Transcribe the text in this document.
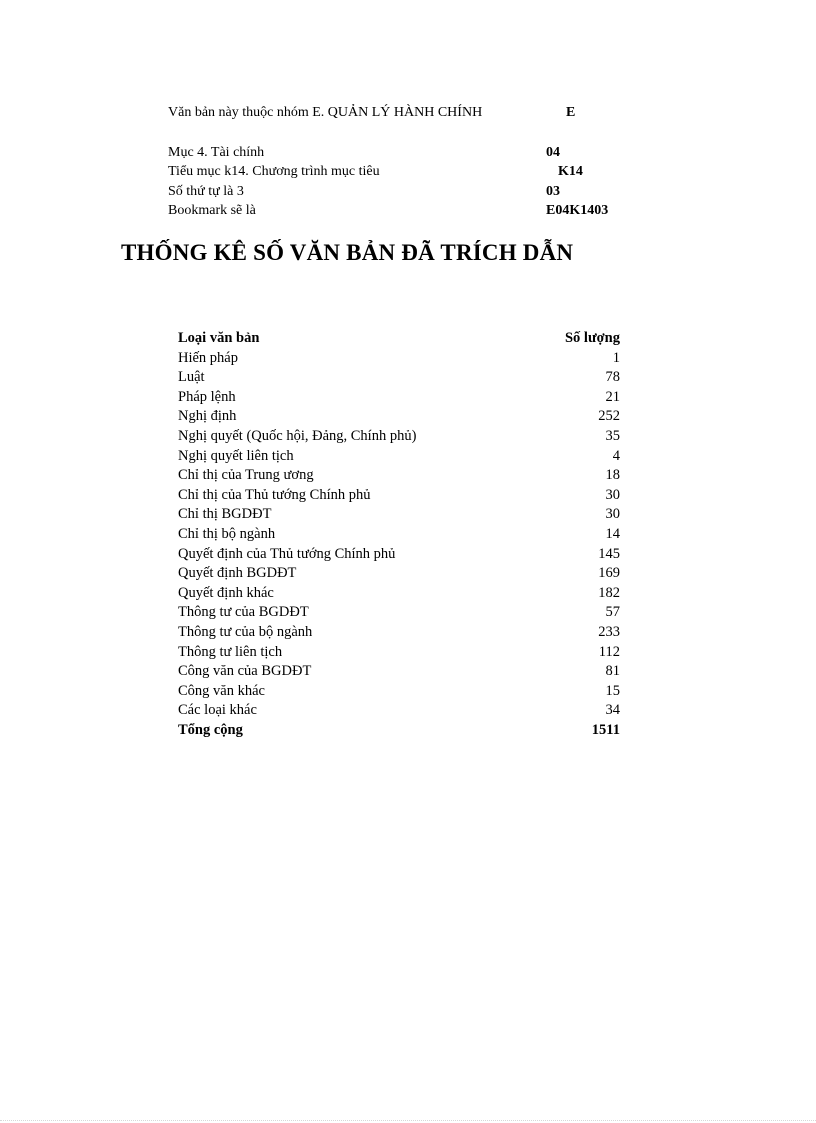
Văn bản này thuộc nhóm E. QUẢN LÝ HÀNH CHÍNH	E
Mục 4. Tài chính	04
Tiểu mục k14. Chương trình mục tiêu	K14
Số thứ tự là 3	03
Bookmark sẽ là	E04K1403
THỐNG KÊ SỐ VĂN BẢN ĐÃ TRÍCH DẪN
Loại văn bản	Số lượng
Hiến pháp	1
Luật	78
Pháp lệnh	21
Nghị định	252
Nghị quyết (Quốc hội, Đảng, Chính phủ)	35
Nghị quyết liên tịch	4
Chỉ thị của Trung ương	18
Chỉ thị của Thủ tướng Chính phủ	30
Chỉ thị BGDĐT	30
Chỉ thị bộ ngành	14
Quyết định của Thủ tướng Chính phủ	145
Quyết định BGDĐT	169
Quyết định khác	182
Thông tư của BGDĐT	57
Thông tư của bộ ngành	233
Thông tư liên tịch	112
Công văn của BGDĐT	81
Công văn khác	15
Các loại khác	34
Tổng cộng	1511
